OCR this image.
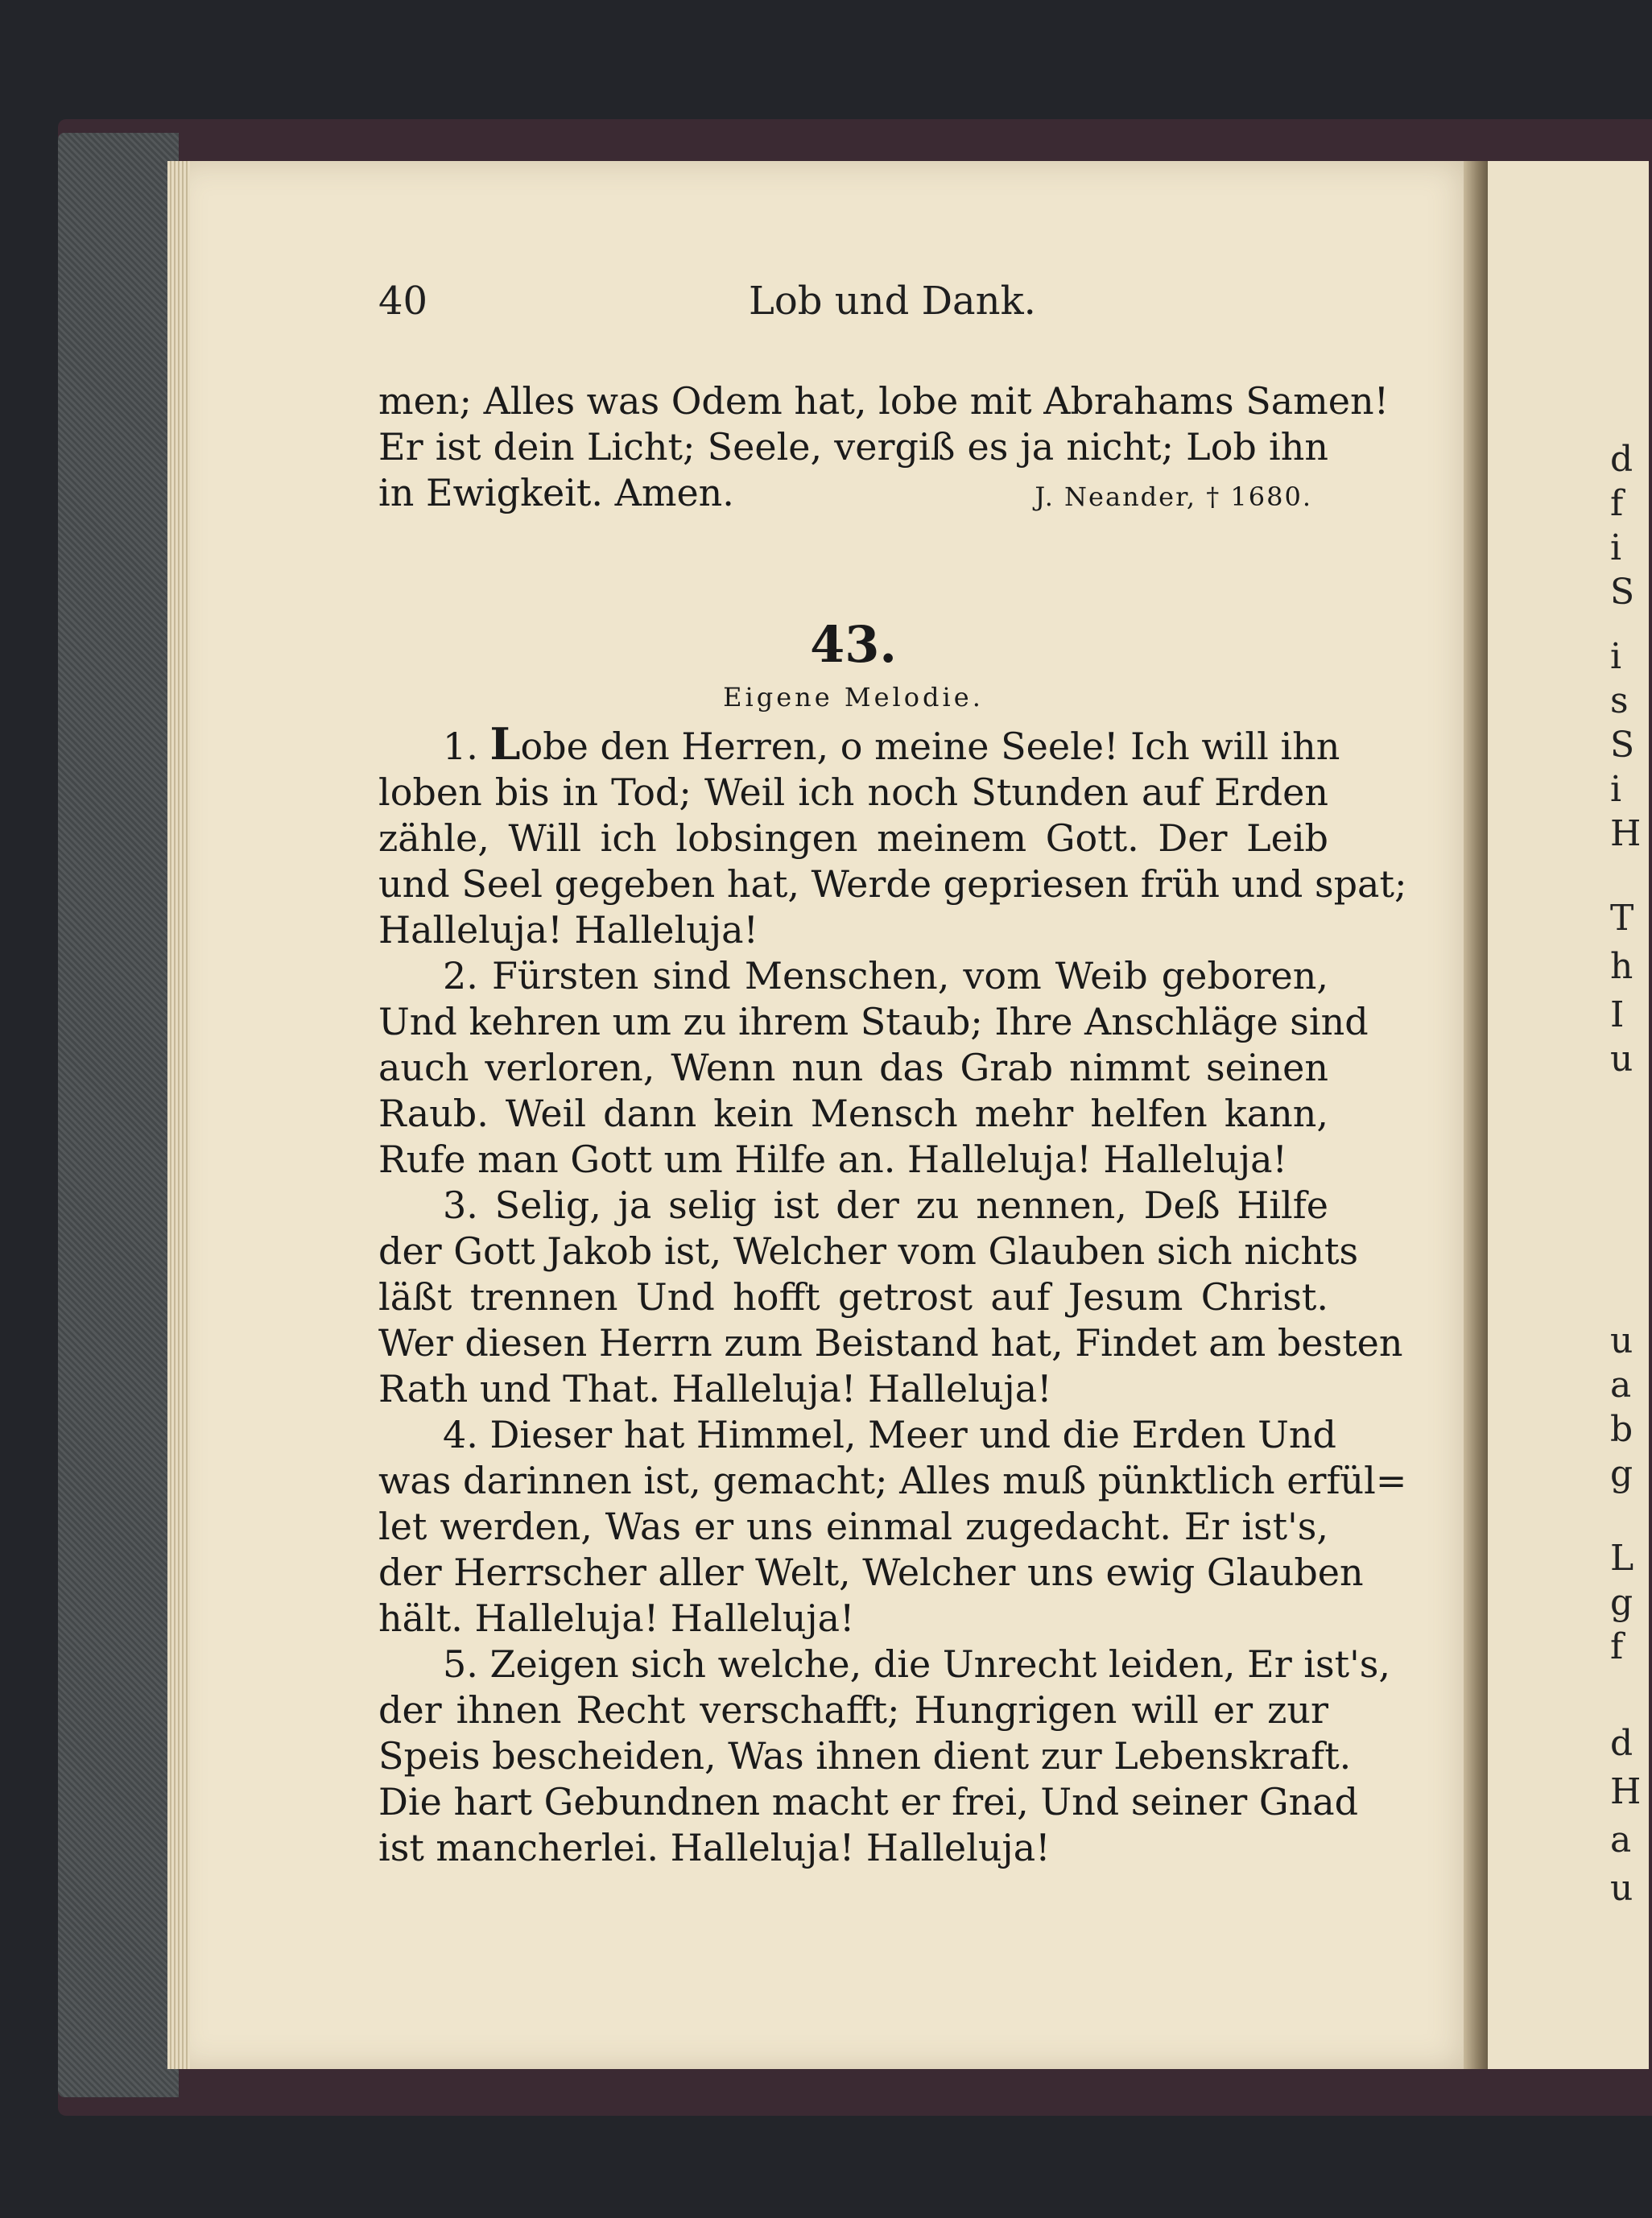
d
f
i
S
i
s
S
i
H
T
h
I
u
u
a
b
g
L
g
f
d
H
a
u
40	Lob und Dank.
men; Alles was Odem hat, lobe mit Abrahams Samen!
Er ist dein Licht; Seele, vergiß es ja nicht; Lob ihn
in Ewigkeit. Amen.	J. Neander, † 1680.
43.
Eigene Melodie.
1. Lobe den Herren, o meine Seele! Ich will ihn
loben bis in Tod; Weil ich noch Stunden auf Erden
zähle, Will ich lobsingen meinem Gott. Der Leib
und Seel gegeben hat, Werde gepriesen früh und spat;
Halleluja! Halleluja!
2. Fürsten sind Menschen, vom Weib geboren,
Und kehren um zu ihrem Staub; Ihre Anschläge sind
auch verloren, Wenn nun das Grab nimmt seinen
Raub. Weil dann kein Mensch mehr helfen kann,
Rufe man Gott um Hilfe an. Halleluja! Halleluja!
3. Selig, ja selig ist der zu nennen, Deß Hilfe
der Gott Jakob ist, Welcher vom Glauben sich nichts
läßt trennen Und hofft getrost auf Jesum Christ.
Wer diesen Herrn zum Beistand hat, Findet am besten
Rath und That. Halleluja! Halleluja!
4. Dieser hat Himmel, Meer und die Erden Und
was darinnen ist, gemacht; Alles muß pünktlich erfül=
let werden, Was er uns einmal zugedacht. Er ist's,
der Herrscher aller Welt, Welcher uns ewig Glauben
hält. Halleluja! Halleluja!
5. Zeigen sich welche, die Unrecht leiden, Er ist's,
der ihnen Recht verschafft; Hungrigen will er zur
Speis bescheiden, Was ihnen dient zur Lebenskraft.
Die hart Gebundnen macht er frei, Und seiner Gnad
ist mancherlei. Halleluja! Halleluja!
